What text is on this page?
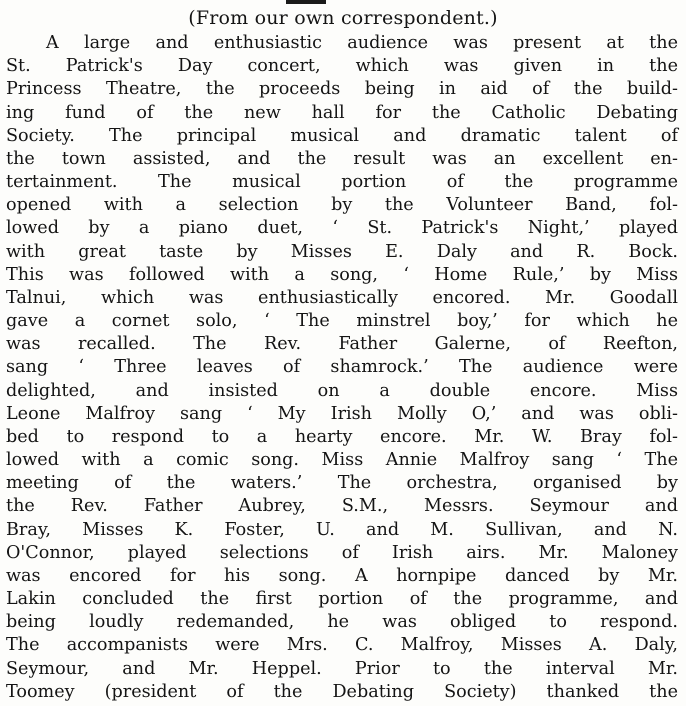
(From our own correspondent.)
A large and enthusiastic audience was present at the
St. Patrick's Day concert, which was given in the
Princess Theatre, the proceeds being in aid of the build-
ing fund of the new hall for the Catholic Debating
Society. The principal musical and dramatic talent of
the town assisted, and the result was an excellent en-
tertainment. The musical portion of the programme
opened with a selection by the Volunteer Band, fol-
lowed by a piano duet, ‘ St. Patrick's Night,’ played
with great taste by Misses E. Daly and R. Bock.
This was followed with a song, ‘ Home Rule,’ by Miss
Talnui, which was enthusiastically encored. Mr. Goodall
gave a cornet solo, ‘ The minstrel boy,’ for which he
was recalled. The Rev. Father Galerne, of Reefton,
sang ‘ Three leaves of shamrock.’ The audience were
delighted, and insisted on a double encore. Miss
Leone Malfroy sang ‘ My Irish Molly O,’ and was obli-
bed to respond to a hearty encore. Mr. W. Bray fol-
lowed with a comic song. Miss Annie Malfroy sang ‘ The
meeting of the waters.’ The orchestra, organised by
the Rev. Father Aubrey, S.M., Messrs. Seymour and
Bray, Misses K. Foster, U. and M. Sullivan, and N.
O'Connor, played selections of Irish airs. Mr. Maloney
was encored for his song. A hornpipe danced by Mr.
Lakin concluded the first portion of the programme, and
being loudly redemanded, he was obliged to respond.
The accompanists were Mrs. C. Malfroy, Misses A. Daly,
Seymour, and Mr. Heppel. Prior to the interval Mr.
Toomey (president of the Debating Society) thanked the
